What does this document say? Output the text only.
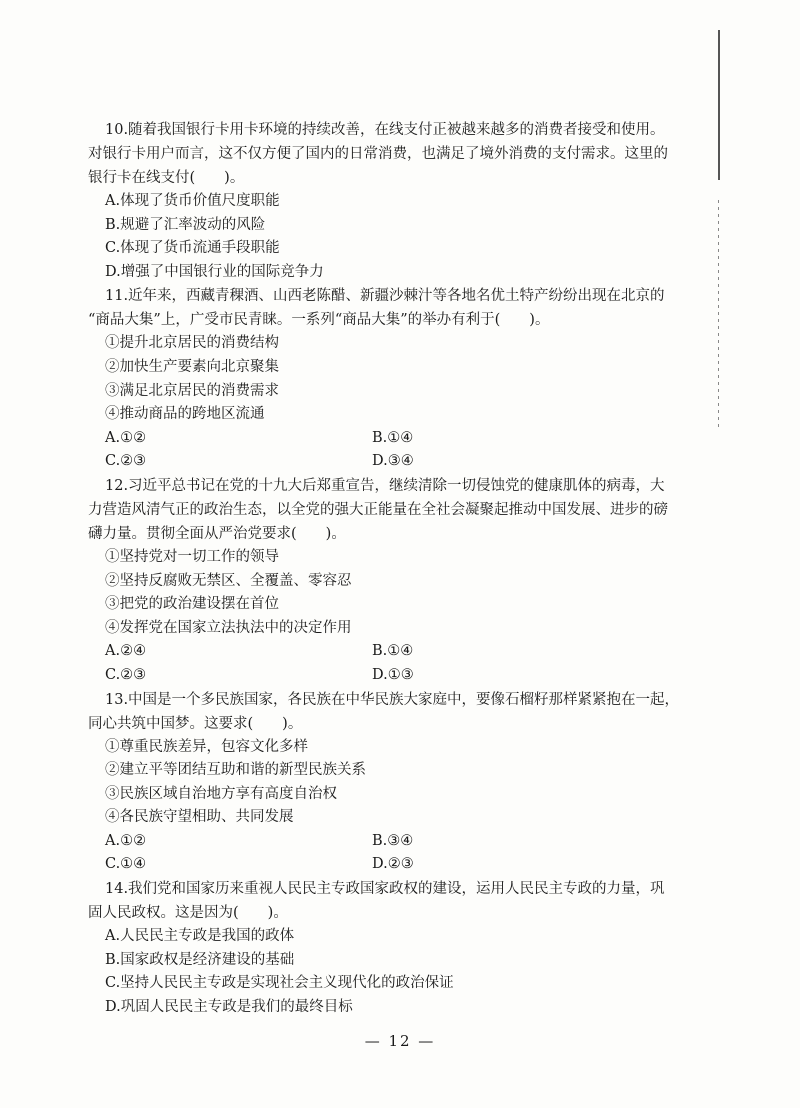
10.随着我国银行卡用卡环境的持续改善，在线支付正被越来越多的消费者接受和使用。
对银行卡用户而言，这不仅方便了国内的日常消费，也满足了境外消费的支付需求。这里的
银行卡在线支付(　　)。
A.体现了货币价值尺度职能
B.规避了汇率波动的风险
C.体现了货币流通手段职能
D.增强了中国银行业的国际竞争力
11.近年来，西藏青稞酒、山西老陈醋、新疆沙棘汁等各地名优土特产纷纷出现在北京的
“商品大集”上，广受市民青睐。一系列“商品大集”的举办有利于(　　)。
①提升北京居民的消费结构
②加快生产要素向北京聚集
③满足北京居民的消费需求
④推动商品的跨地区流通
A.①②	B.①④
C.②③	D.③④
12.习近平总书记在党的十九大后郑重宣告，继续清除一切侵蚀党的健康肌体的病毒，大
力营造风清气正的政治生态，以全党的强大正能量在全社会凝聚起推动中国发展、进步的磅
礴力量。贯彻全面从严治党要求(　　)。
①坚持党对一切工作的领导
②坚持反腐败无禁区、全覆盖、零容忍
③把党的政治建设摆在首位
④发挥党在国家立法执法中的决定作用
A.②④	B.①④
C.②③	D.①③
13.中国是一个多民族国家，各民族在中华民族大家庭中，要像石榴籽那样紧紧抱在一起，
同心共筑中国梦。这要求(　　)。
①尊重民族差异，包容文化多样
②建立平等团结互助和谐的新型民族关系
③民族区域自治地方享有高度自治权
④各民族守望相助、共同发展
A.①②	B.③④
C.①④	D.②③
14.我们党和国家历来重视人民民主专政国家政权的建设，运用人民民主专政的力量，巩
固人民政权。这是因为(　　)。
A.人民民主专政是我国的政体
B.国家政权是经济建设的基础
C.坚持人民民主专政是实现社会主义现代化的政治保证
D.巩固人民民主专政是我们的最终目标
— 12 —
